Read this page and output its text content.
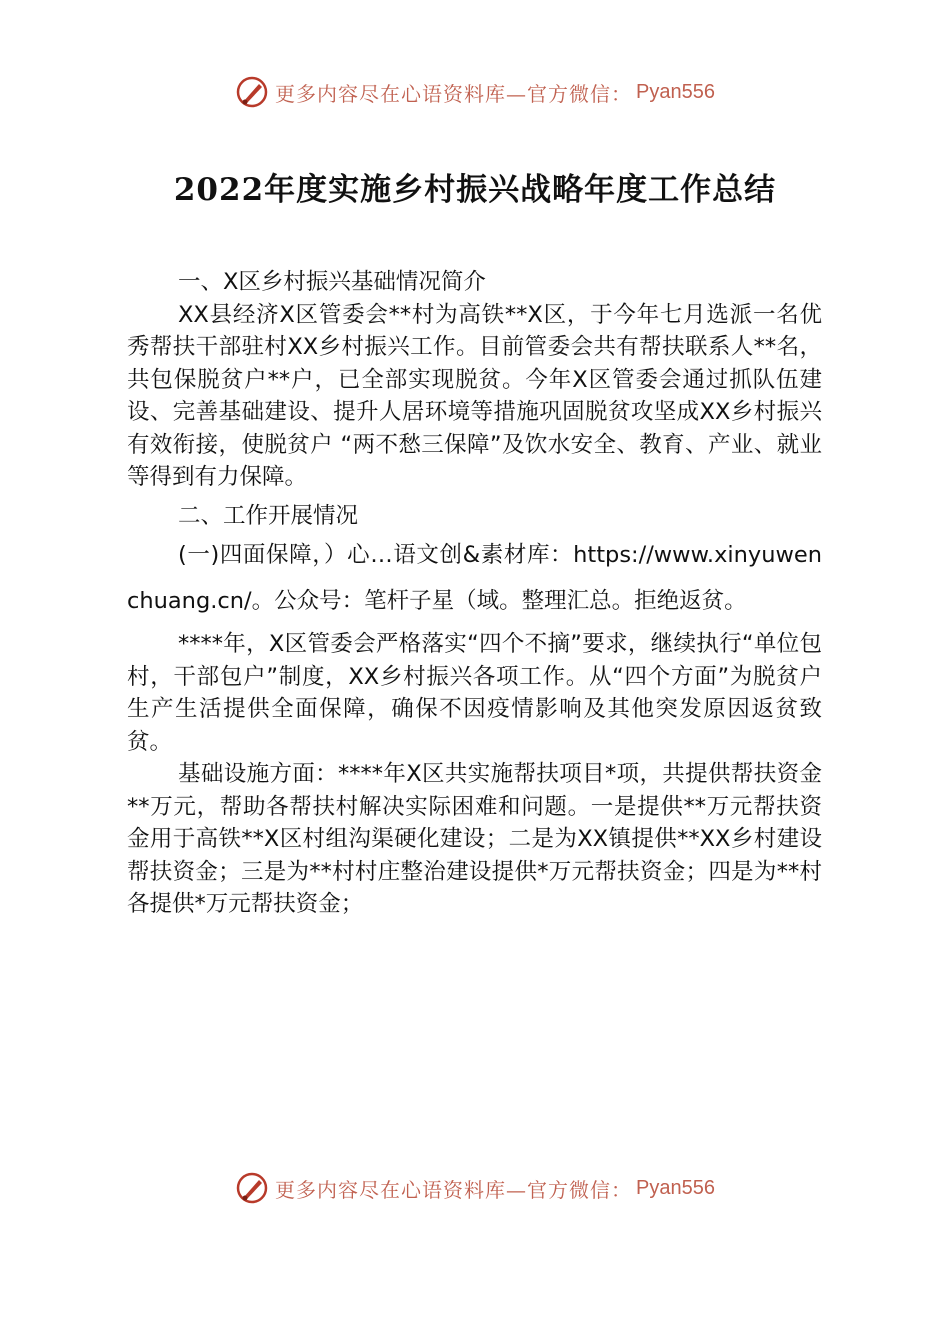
更多内容尽在心语资料库—官方微信： Pyan556
2022年度实施乡村振兴战略年度工作总结

一、X区乡村振兴基础情况简介

XX县经济X区管委会**村为高铁**X区，于今年七月选派一名优秀帮扶干部驻村XX乡村振兴工作。目前管委会共有帮扶联系人**名，共包保脱贫户**户，已全部实现脱贫。今年X区管委会通过抓队伍建设、完善基础建设、提升人居环境等措施巩固脱贫攻坚成XX乡村振兴有效衔接，使脱贫户 “两不愁三保障”及饮水安全、教育、产业、就业等得到有力保障。

二、工作开展情况

(一)四面保障，）心…语文创&素材库：https://www.xinyuwenchuang.cn/。公众号：笔杆子星（域。整理汇总。拒绝返贫。

****年，X区管委会严格落实“四个不摘”要求，继续执行“单位包村，干部包户”制度，XX乡村振兴各项工作。从“四个方面”为脱贫户生产生活提供全面保障，确保不因疫情影响及其他突发原因返贫致贫。

基础设施方面：****年X区共实施帮扶项目*项，共提供帮扶资金**万元，帮助各帮扶村解决实际困难和问题。一是提供**万元帮扶资金用于高铁**X区村组沟渠硬化建设；二是为XX镇提供**XX乡村建设帮扶资金；三是为**村村庄整治建设提供*万元帮扶资金；四是为**村各提供*万元帮扶资金；

更多内容尽在心语资料库—官方微信： Pyan556
